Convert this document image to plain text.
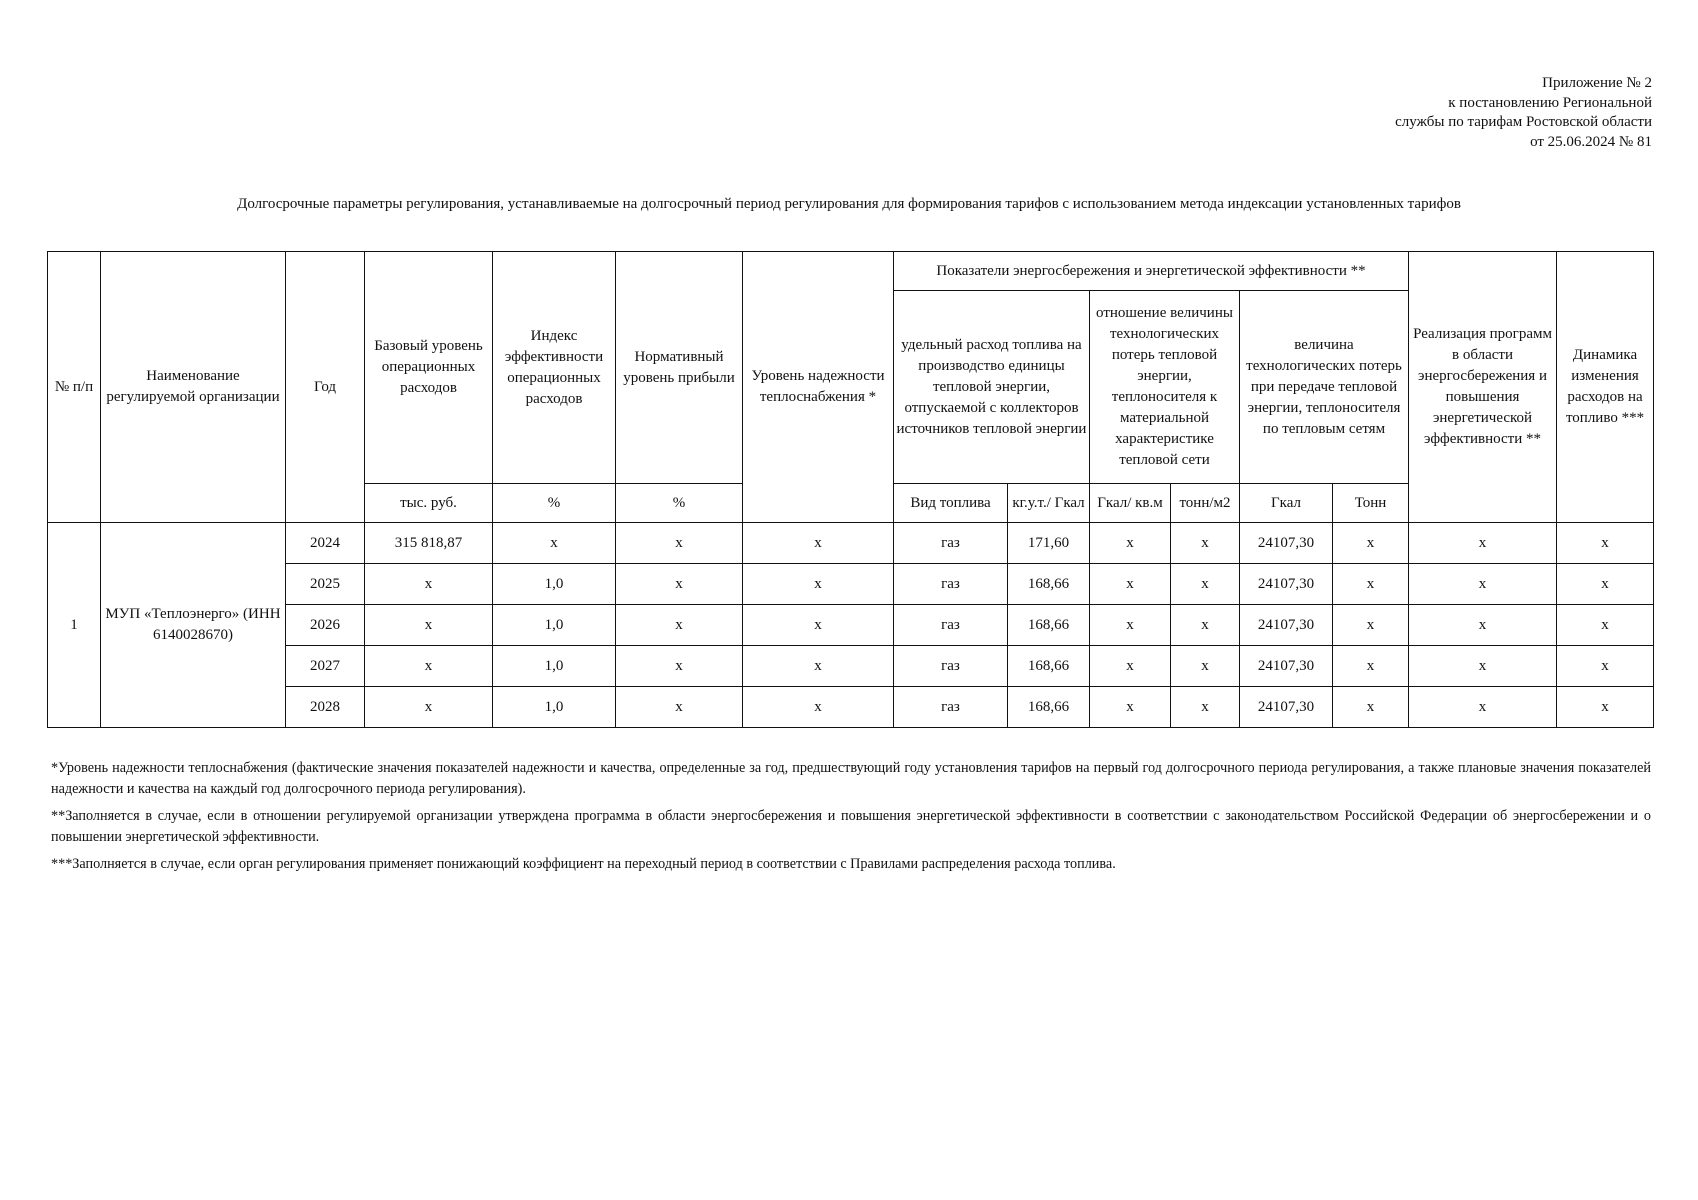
Приложение № 2
к постановлению Региональной
службы по тарифам Ростовской области
от 25.06.2024 № 81
Долгосрочные параметры регулирования, устанавливаемые на долгосрочный период регулирования для формирования тарифов с использованием метода индексации установленных тарифов
№ п/п	Наименование регулируемой организации	Год	Базовый уровень операционных расходов	Индекс эффективности операционных расходов	Нормативный уровень прибыли	Уровень надежности теплоснабжения *	Показатели энергосбережения и энергетической эффективности **						Реализация программ в области энергосбережения и повышения энергетической эффективности **	Динамика изменения расходов на топливо ***
							удельный расход топлива на производство единицы тепловой энергии, отпускаемой с коллекторов источников тепловой энергии		отношение величины технологических потерь тепловой энергии, теплоносителя к материальной характеристике тепловой сети		величина технологических потерь при передаче тепловой энергии, теплоносителя по тепловым сетям			
			тыс. руб.	%	%		Вид топлива	кг.у.т./ Гкал	Гкал/ кв.м	тонн/м2	Гкал	Тонн		
1	МУП «Теплоэнерго» (ИНН 6140028670)	2024	315 818,87	х	х	х	газ	171,60	х	х	24107,30	х	х	х
		2025	х	1,0	х	х	газ	168,66	х	х	24107,30	х	х	х
		2026	х	1,0	х	х	газ	168,66	х	х	24107,30	х	х	х
		2027	х	1,0	х	х	газ	168,66	х	х	24107,30	х	х	х
		2028	х	1,0	х	х	газ	168,66	х	х	24107,30	х	х	х

*Уровень надежности теплоснабжения (фактические значения показателей надежности и качества, определенные за год, предшествующий году установления тарифов на первый год долгосрочного периода регулирования, а также плановые значения показателей надежности и качества на каждый год долгосрочного периода регулирования).

**Заполняется в случае, если в отношении регулируемой организации утверждена программа в области энергосбережения и повышения энергетической эффективности в соответствии с законодательством Российской Федерации об энергосбережении и о повышении энергетической эффективности.

***Заполняется в случае, если орган регулирования применяет понижающий коэффициент на переходный период в соответствии с Правилами распределения расхода топлива.
